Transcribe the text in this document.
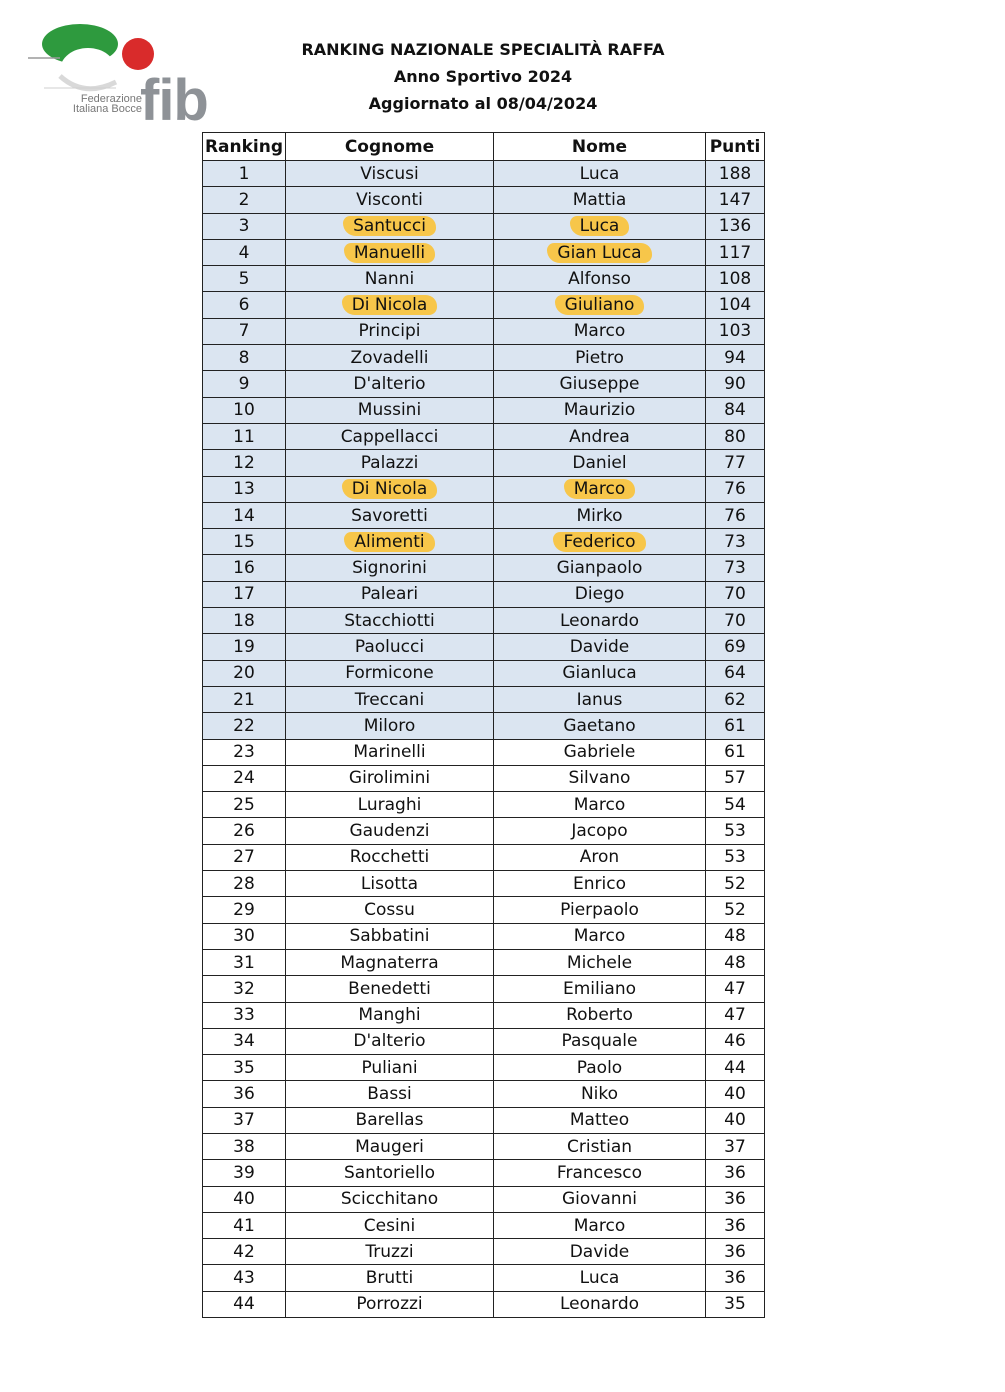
Federazione
Italiana Bocce
fib
RANKING NAZIONALE SPECIALITÀ RAFFA
Anno Sportivo 2024
Aggiornato al 08/04/2024
Ranking	Cognome	Nome	Punti
1	Viscusi	Luca	188
2	Visconti	Mattia	147
3	Santucci	Luca	136
4	Manuelli	Gian Luca	117
5	Nanni	Alfonso	108
6	Di Nicola	Giuliano	104
7	Principi	Marco	103
8	Zovadelli	Pietro	94
9	D'alterio	Giuseppe	90
10	Mussini	Maurizio	84
11	Cappellacci	Andrea	80
12	Palazzi	Daniel	77
13	Di Nicola	Marco	76
14	Savoretti	Mirko	76
15	Alimenti	Federico	73
16	Signorini	Gianpaolo	73
17	Paleari	Diego	70
18	Stacchiotti	Leonardo	70
19	Paolucci	Davide	69
20	Formicone	Gianluca	64
21	Treccani	Ianus	62
22	Miloro	Gaetano	61
23	Marinelli	Gabriele	61
24	Girolimini	Silvano	57
25	Luraghi	Marco	54
26	Gaudenzi	Jacopo	53
27	Rocchetti	Aron	53
28	Lisotta	Enrico	52
29	Cossu	Pierpaolo	52
30	Sabbatini	Marco	48
31	Magnaterra	Michele	48
32	Benedetti	Emiliano	47
33	Manghi	Roberto	47
34	D'alterio	Pasquale	46
35	Puliani	Paolo	44
36	Bassi	Niko	40
37	Barellas	Matteo	40
38	Maugeri	Cristian	37
39	Santoriello	Francesco	36
40	Scicchitano	Giovanni	36
41	Cesini	Marco	36
42	Truzzi	Davide	36
43	Brutti	Luca	36
44	Porrozzi	Leonardo	35
